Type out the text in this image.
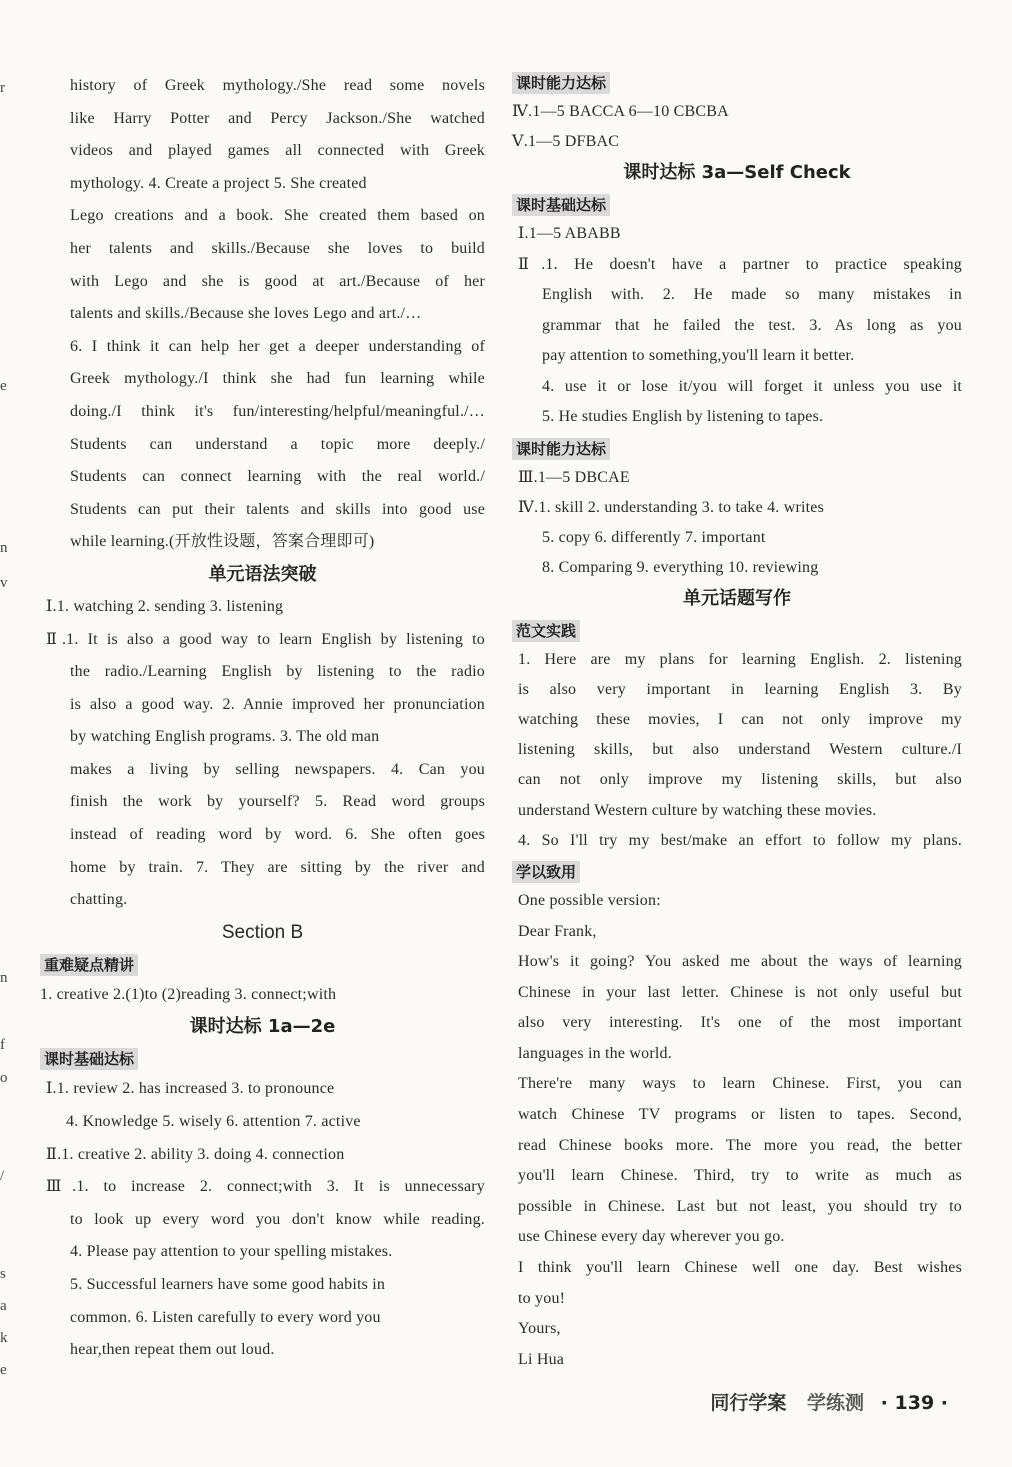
r
e
n
v
n
f
o
/
s
a
k
e

history of Greek mythology./She read some novels

like Harry Potter and Percy Jackson./She watched

videos and played games all connected with Greek

mythology. 4. Create a project 5. She created

Lego creations and a book. She created them based on

her talents and skills./Because she loves to build

with Lego and she is good at art./Because of her

talents and skills./Because she loves Lego and art./…

6. I think it can help her get a deeper understanding of

Greek mythology./I think she had fun learning while

doing./I think it's fun/interesting/helpful/meaningful./…

Students can understand a topic more deeply./

Students can connect learning with the real world./

Students can put their talents and skills into good use

while learning.(开放性设题，答案合理即可)

单元语法突破

Ⅰ.1. watching 2. sending 3. listening

Ⅱ.1. It is also a good way to learn English by listening to

the radio./Learning English by listening to the radio

is also a good way. 2. Annie improved her pronunciation

by watching English programs. 3. The old man

makes a living by selling newspapers. 4. Can you

finish the work by yourself? 5. Read word groups

instead of reading word by word. 6. She often goes

home by train. 7. They are sitting by the river and

chatting.

Section B

重难疑点精讲

1. creative 2.(1)to (2)reading 3. connect;with

课时达标 1a—2e

课时基础达标

Ⅰ.1. review 2. has increased 3. to pronounce

4. Knowledge 5. wisely 6. attention 7. active

Ⅱ.1. creative 2. ability 3. doing 4. connection

Ⅲ.1. to increase 2. connect;with 3. It is unnecessary

to look up every word you don't know while reading.

4. Please pay attention to your spelling mistakes.

5. Successful learners have some good habits in

common. 6. Listen carefully to every word you

hear,then repeat them out loud.

课时能力达标

Ⅳ.1—5 BACCA 6—10 CBCBA

Ⅴ.1—5 DFBAC

课时达标 3a—Self Check

课时基础达标

Ⅰ.1—5 ABABB

Ⅱ.1. He doesn't have a partner to practice speaking

English with. 2. He made so many mistakes in

grammar that he failed the test. 3. As long as you

pay attention to something,you'll learn it better.

4. use it or lose it/you will forget it unless you use it

5. He studies English by listening to tapes.

课时能力达标

Ⅲ.1—5 DBCAE

Ⅳ.1. skill 2. understanding 3. to take 4. writes

5. copy 6. differently 7. important

8. Comparing 9. everything 10. reviewing

单元话题写作

范文实践

1. Here are my plans for learning English. 2. listening

is also very important in learning English 3. By

watching these movies, I can not only improve my

listening skills, but also understand Western culture./I

can not only improve my listening skills, but also

understand Western culture by watching these movies.

4. So I'll try my best/make an effort to follow my plans.

学以致用

One possible version:

Dear Frank,

How's it going? You asked me about the ways of learning

Chinese in your last letter. Chinese is not only useful but

also very interesting. It's one of the most important

languages in the world.

There're many ways to learn Chinese. First, you can

watch Chinese TV programs or listen to tapes. Second,

read Chinese books more. The more you read, the better

you'll learn Chinese. Third, try to write as much as

possible in Chinese. Last but not least, you should try to

use Chinese every day wherever you go.

I think you'll learn Chinese well one day. Best wishes

to you!

Yours,

Li Hua

同行学案 学练测 · 139 ·
